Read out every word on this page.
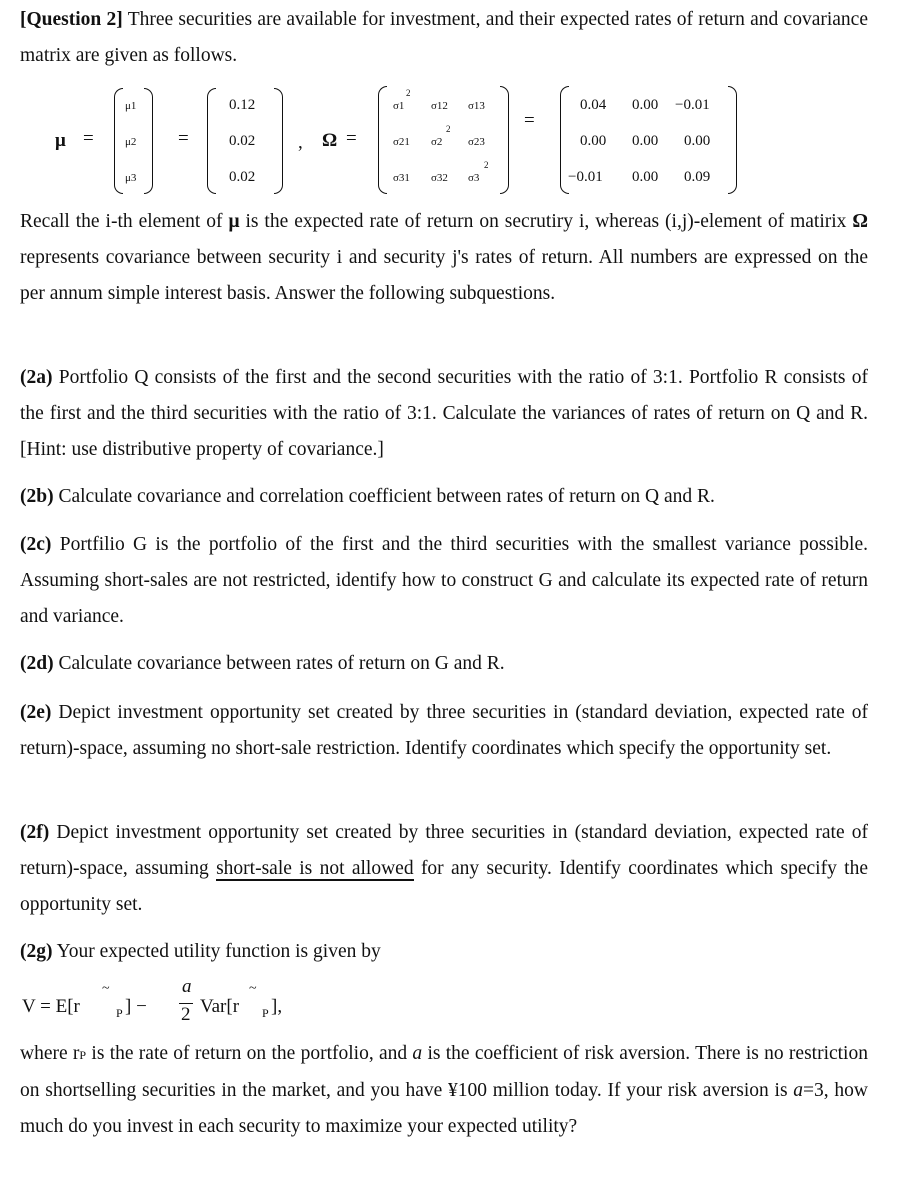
[Question 2] Three securities are available for investment, and their expected rates of return and covariance matrix are given as follows.

μ =
μ1
μ2
μ3
=
0.12
0.02
0.02
, Ω =
σ1
2
σ12 σ13
σ21 σ2
2
σ23
σ31 σ32 σ3
2
=
0.04 0.00 −0.01
0.00 0.00 0.00
−0.01 0.00 0.09

Recall the i-th element of μ is the expected rate of return on secrutiry i, whereas (i,j)-element of matirix Ω represents covariance between security i and security j's rates of return. All numbers are expressed on the per annum simple interest basis. Answer the following subquestions.

(2a) Portfolio Q consists of the first and the second securities with the ratio of 3:1. Portfolio R consists of the first and the third securities with the ratio of 3:1. Calculate the variances of rates of return on Q and R. [Hint: use distributive property of covariance.]

(2b) Calculate covariance and correlation coefficient between rates of return on Q and R.

(2c) Portfilio G is the portfolio of the first and the third securities with the smallest variance possible. Assuming short-sales are not restricted, identify how to construct G and calculate its expected rate of return and variance.

(2d) Calculate covariance between rates of return on G and R.

(2e) Depict investment opportunity set created by three securities in (standard deviation, expected rate of return)-space, assuming no short-sale restriction. Identify coordinates which specify the opportunity set.

(2f) Depict investment opportunity set created by three securities in (standard deviation, expected rate of return)-space, assuming short-sale is not allowed for any security. Identify coordinates which specify the opportunity set.

(2g) Your expected utility function is given by

V = E[r
~
P ] −
a
2 Var[r
~
P ],

where rP is the rate of return on the portfolio, and a is the coefficient of risk aversion. There is no restriction on shortselling securities in the market, and you have ¥100 million today. If your risk aversion is a=3, how much do you invest in each security to maximize your expected utility?
